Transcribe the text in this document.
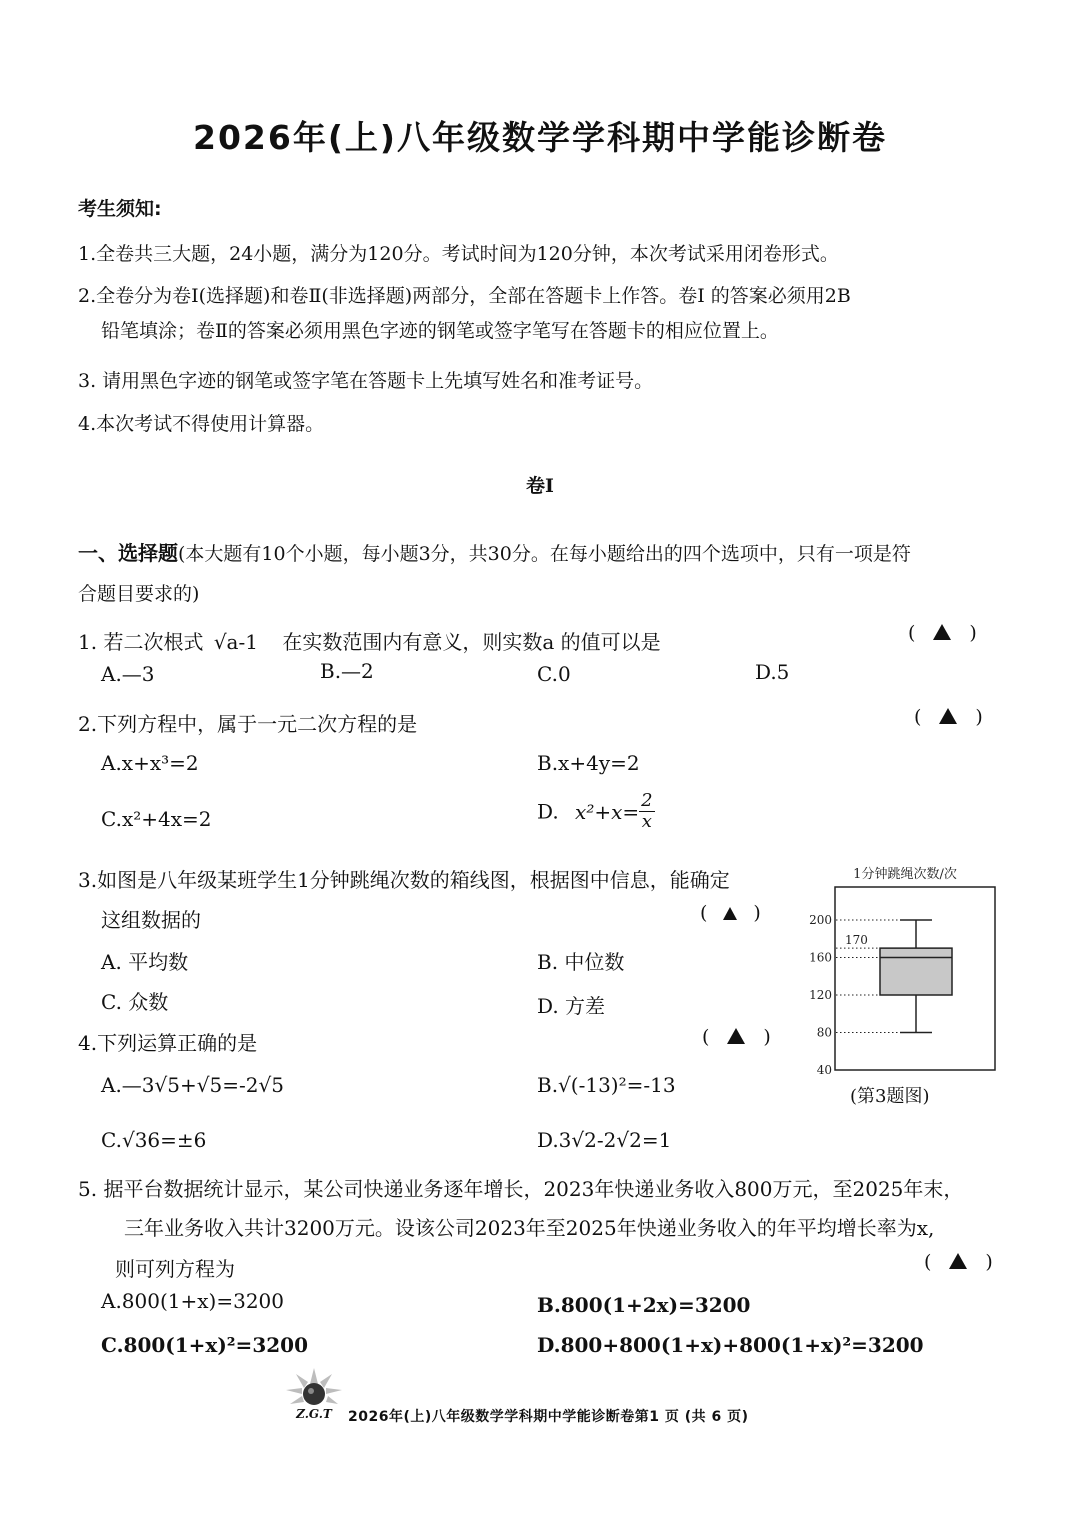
2026年(上)八年级数学学科期中学能诊断卷
考生须知:
1.全卷共三大题，24小题，满分为120分。考试时间为120分钟，本次考试采用闭卷形式。
2.全卷分为卷Ⅰ(选择题)和卷Ⅱ(非选择题)两部分，全部在答题卡上作答。卷Ⅰ 的答案必须用2B
铅笔填涂；卷Ⅱ的答案必须用黑色字迹的钢笔或签字笔写在答题卡的相应位置上。
3. 请用黑色字迹的钢笔或签字笔在答题卡上先填写姓名和准考证号。
4.本次考试不得使用计算器。
卷Ⅰ
一、选择题(本大题有10个小题，每小题3分，共30分。在每小题给出的四个选项中，只有一项是符
合题目要求的)
1. 若二次根式 √a-1 在实数范围内有意义，则实数a 的值可以是	(	)
A.—3	B.—2	C.0	D.5
2.下列方程中，属于一元二次方程的是	(	)
A.x+x³=2	B.x+4y=2
C.x²+4x=2	D. $x^2+x= \frac{2}{x}$
3.如图是八年级某班学生1分钟跳绳次数的箱线图，根据图中信息，能确定
这组数据的	( )
A. 平均数	B. 中位数
C. 众数	D. 方差
1分钟跳绳次数/次
200
160
120
80
40
170
(第3题图)
4.下列运算正确的是	(	)
A.—3√5+√5=-2√5	B.√(-13)²=-13
C.√36=±6	D.3√2-2√2=1
5. 据平台数据统计显示，某公司快递业务逐年增长，2023年快递业务收入800万元，至2025年末，
三年业务收入共计3200万元。设该公司2023年至2025年快递业务收入的年平均增长率为x,
则可列方程为	(	)
A.800(1+x)=3200	B.800(1+2x)=3200
C.800(1+x)²=3200	D.800+800(1+x)+800(1+x)²=3200
Z.G.T 2026年(上)八年级数学学科期中学能诊断卷第1 页 (共 6 页)
